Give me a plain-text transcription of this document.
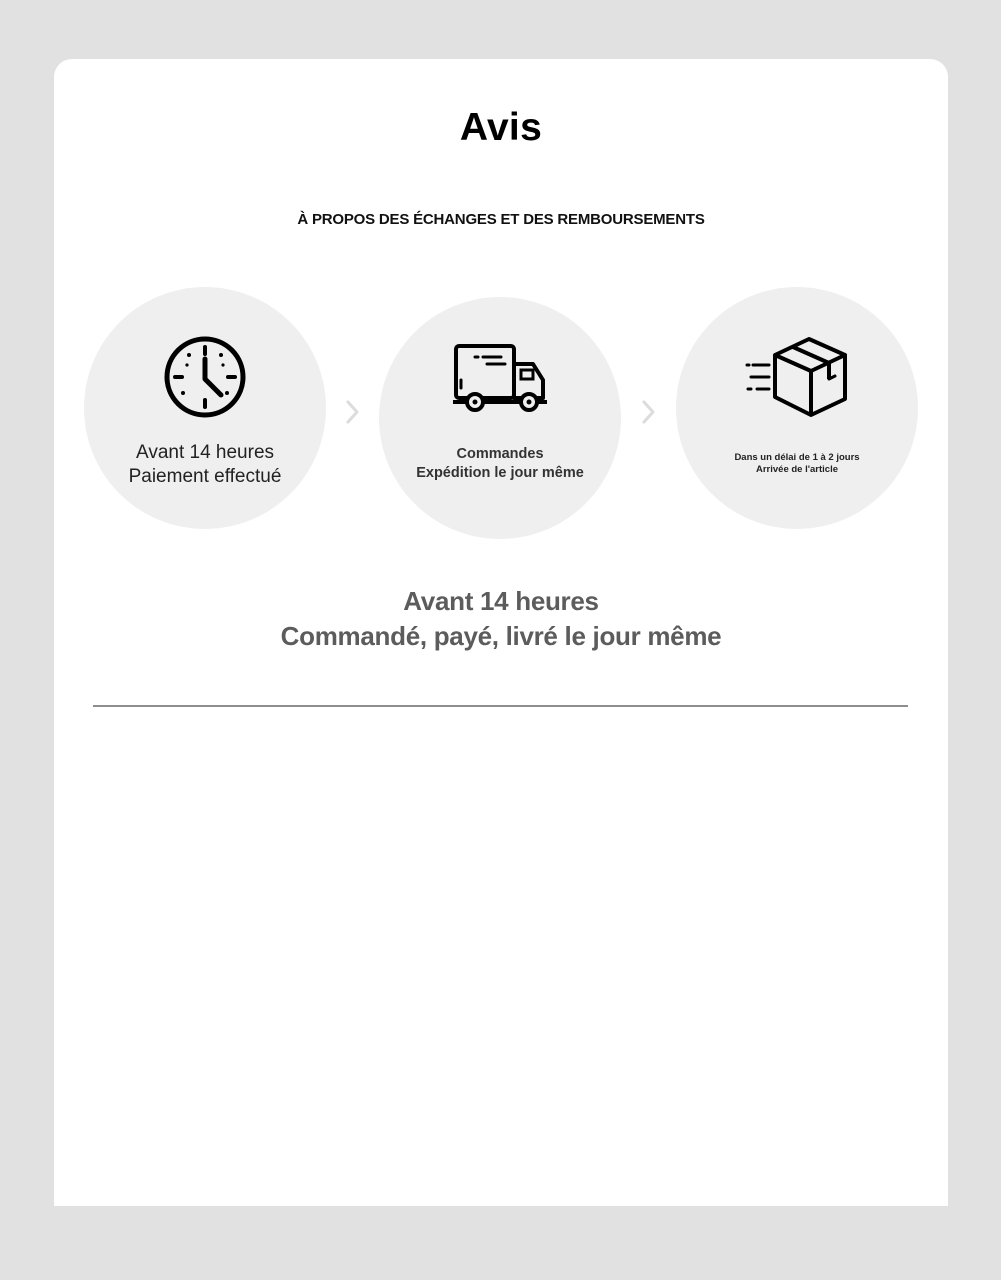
Avis
À PROPOS DES ÉCHANGES ET DES REMBOURSEMENTS
Avant 14 heures
Paiement effectué
Commandes
Expédition le jour même
Dans un délai de 1 à 2 jours
Arrivée de l'article
Avant 14 heures
Commandé, payé, livré le jour même
